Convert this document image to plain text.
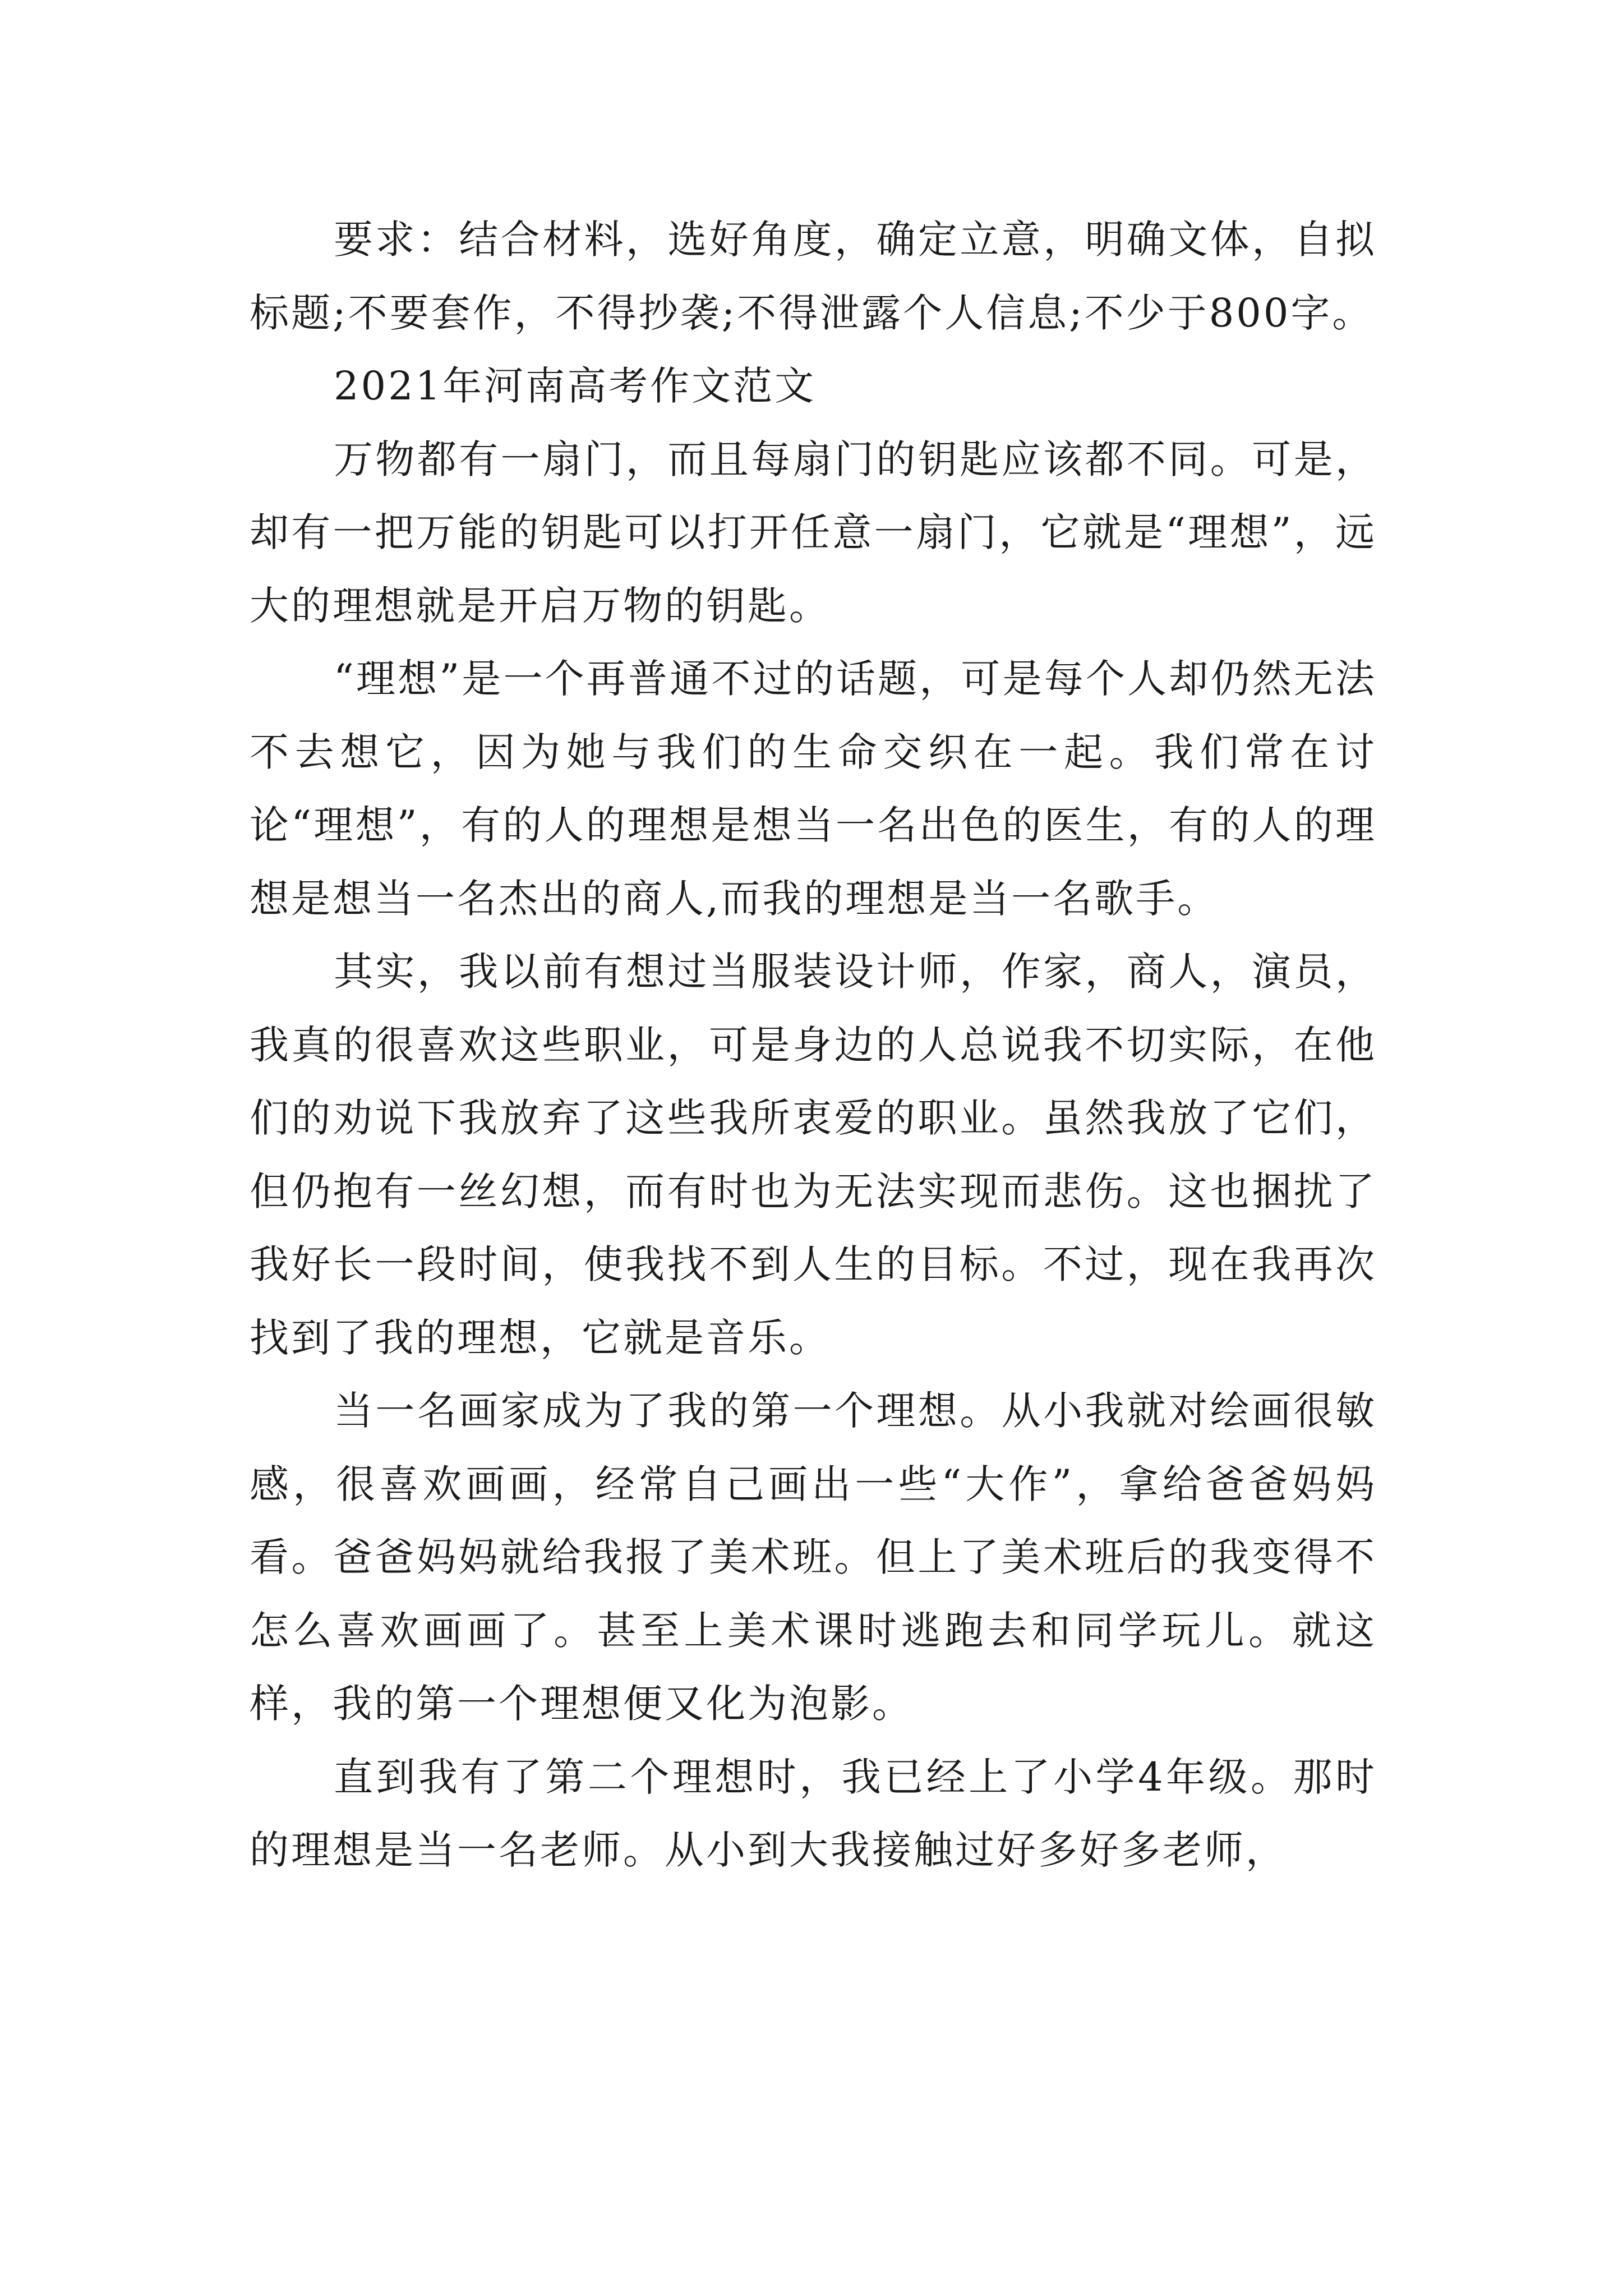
要求：结合材料，选好角度，确定立意，明确文体，自拟标题;不要套作，不得抄袭;不得泄露个人信息;不少于800字。

2021年河南高考作文范文

万物都有一扇门，而且每扇门的钥匙应该都不同。可是，却有一把万能的钥匙可以打开任意一扇门，它就是“理想”，远大的理想就是开启万物的钥匙。

“理想”是一个再普通不过的话题，可是每个人却仍然无法不去想它，因为她与我们的生命交织在一起。我们常在讨论“理想”，有的人的理想是想当一名出色的医生，有的人的理想是想当一名杰出的商人,而我的理想是当一名歌手。

其实，我以前有想过当服装设计师，作家，商人，演员，我真的很喜欢这些职业，可是身边的人总说我不切实际，在他们的劝说下我放弃了这些我所衷爱的职业。虽然我放了它们，但仍抱有一丝幻想，而有时也为无法实现而悲伤。这也捆扰了我好长一段时间，使我找不到人生的目标。不过，现在我再次找到了我的理想，它就是音乐。

当一名画家成为了我的第一个理想。从小我就对绘画很敏感，很喜欢画画，经常自己画出一些“大作”，拿给爸爸妈妈看。爸爸妈妈就给我报了美术班。但上了美术班后的我变得不怎么喜欢画画了。甚至上美术课时逃跑去和同学玩儿。就这样，我的第一个理想便又化为泡影。

直到我有了第二个理想时，我已经上了小学4年级。那时的理想是当一名老师。从小到大我接触过好多好多老师，
